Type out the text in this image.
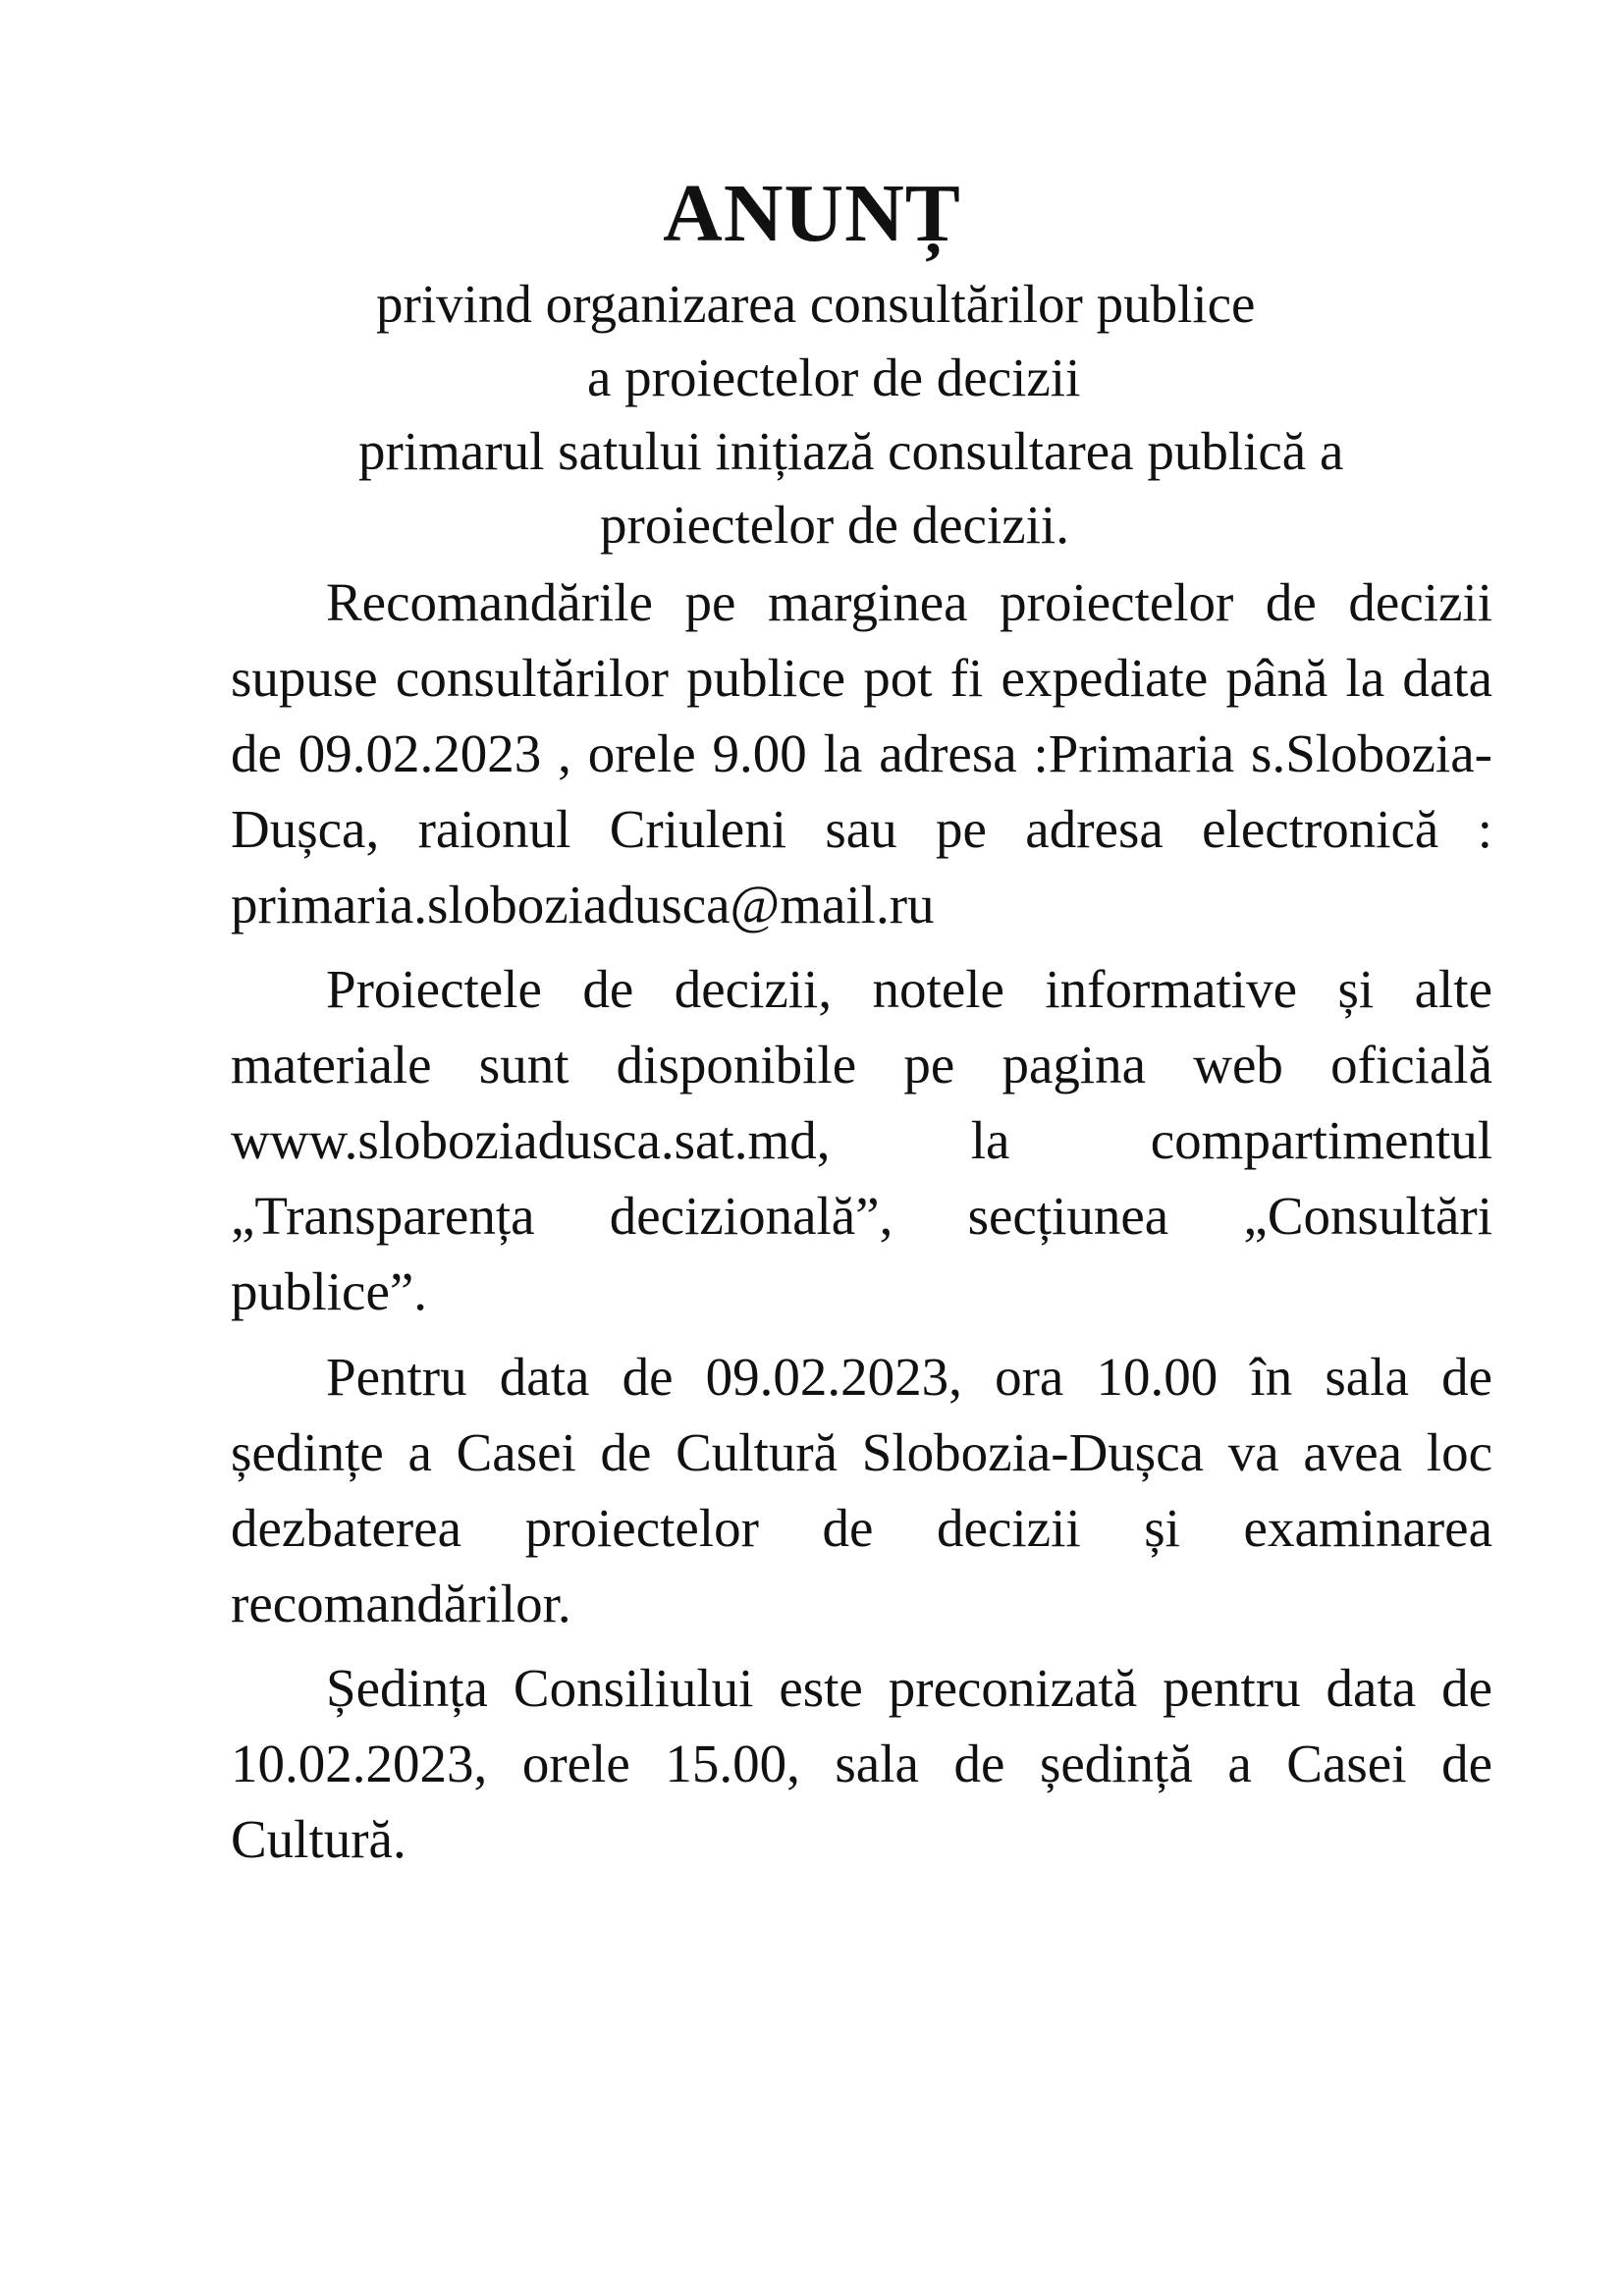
ANUNȚ

privind organizarea consultărilor publice

a proiectelor de decizii

primarul satului inițiază consultarea publică a

proiectelor de decizii.

Recomandările pe marginea proiectelor de decizii supuse consultărilor publice pot fi expediate până la data de 09.02.2023 , orele 9.00 la adresa :Primaria s.Slobozia-Dușca, raionul Criuleni sau pe adresa electronică : primaria.sloboziadusca@mail.ru

Proiectele de decizii, notele informative și alte materiale sunt disponibile pe pagina web oficială www.sloboziadusca.sat.md, la compartimentul „Transparența decizională”, secțiunea „Consultări publice”.

Pentru data de 09.02.2023, ora 10.00 în sala de ședințe a Casei de Cultură Slobozia-Dușca va avea loc dezbaterea proiectelor de decizii și examinarea recomandărilor.

Ședința Consiliului este preconizată pentru data de 10.02.2023, orele 15.00, sala de ședință a Casei de Cultură.
